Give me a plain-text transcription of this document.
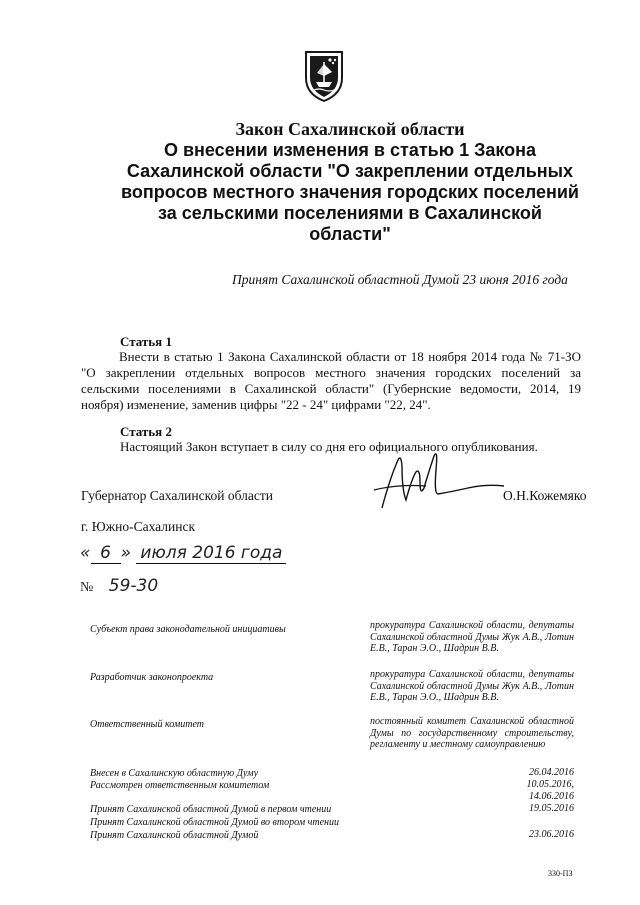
Закон Сахалинской области
О внесении изменения в статью 1 Закона
Сахалинской области "О закреплении отдельных
вопросов местного значения городских поселений
за сельскими поселениями в Сахалинской
области"
Принят Сахалинской областной Думой 23 июня 2016 года
Статья 1
Внести в статью 1 Закона Сахалинской области от 18 ноября 2014 года № 71-ЗО "О закреплении отдельных вопросов местного значения городских поселений за сельскими поселениями в Сахалинской области" (Губернские ведомости, 2014, 19 ноября) изменение, заменив цифры "22 - 24" цифрами "22, 24".
Статья 2
Настоящий Закон вступает в силу со дня его официального опубликования.
Губернатор Сахалинской области	О.Н.Кожемяко
г. Южно-Сахалинск
« 6 » июля 2016 года
№ 59-30
Субъект права законодательной инициативы	прокуратура Сахалинской области, депутаты Сахалинской областной Думы Жук А.В., Лотин Е.В., Таран Э.О., Шадрин В.В.
Разработчик законопроекта	прокуратура Сахалинской области, депутаты Сахалинской областной Думы Жук А.В., Лотин Е.В., Таран Э.О., Шадрин В.В.
Ответственный комитет	постоянный комитет Сахалинской областной Думы по государственному строительству, регламенту и местному самоуправлению
Внесен в Сахалинскую областную Думу	26.04.2016
Рассмотрен ответственным комитетом	10.05.2016,
14.06.2016
Принят Сахалинской областной Думой в первом чтении	19.05.2016
Принят Сахалинской областной Думой во втором чтении
Принят Сахалинской областной Думой	23.06.2016
330-ПЗ
